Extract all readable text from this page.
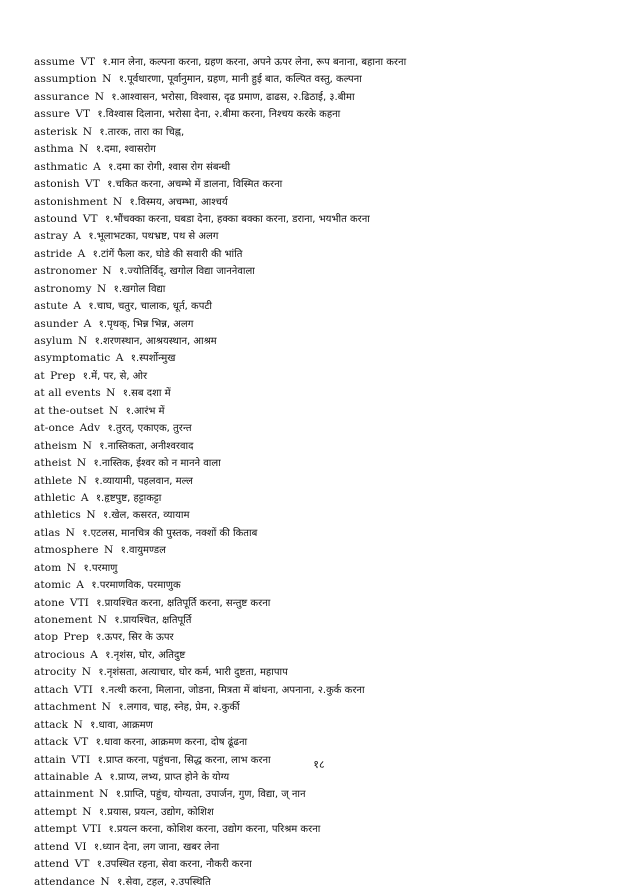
assume VT १.मान लेना, कल्पना करना, ग्रहण करना, अपने ऊपर लेना, रूप बनाना, बहाना करना
assumption N १.पूर्वधारणा, पूर्वानुमान, ग्रहण, मानी हुई बात, कल्पित वस्तु, कल्पना
assurance N १.आश्वासन, भरोसा, विश्वास, दृढ प्रमाण, ढाढस, २.ढिठाई, ३.बीमा
assure VT १.विश्वास दिलाना, भरोसा देना, २.बीमा करना, निश्चय करके कहना
asterisk N १.तारक, तारा का चिह्न,
asthma N १.दमा, श्वासरोग
asthmatic A १.दमा का रोगी, श्वास रोग संबन्धी
astonish VT १.चकित करना, अचम्भे में डालना, विस्मित करना
astonishment N १.विस्मय, अचम्भा, आश्चर्य
astound VT १.भौंचक्का करना, घबडा देना, हक्का बक्का करना, डराना, भयभीत करना
astray A १.भूलाभटका, पथभ्रष्ट, पथ से अलग
astride A १.टांगें फैला कर, घोडे की सवारी की भांति
astronomer N १.ज्योतिर्विद्, खगोल विद्या जाननेवाला
astronomy N १.खगोल विद्या
astute A १.चाघ, चतुर, चालाक, धूर्त, कपटी
asunder A १.पृथक्, भिन्न भिन्न, अलग
asylum N १.शरणस्थान, आश्रयस्थान, आश्रम
asymptomatic A १.स्पर्शोन्मुख
at Prep १.में, पर, से, ओर
at all events N १.सब दशा में
at the-outset N १.आरंभ में
at-once Adv १.तुरत्, एकाएक, तुरन्त
atheism N १.नास्तिकता, अनीश्वरवाद
atheist N १.नास्तिक, ईश्वर को न मानने वाला
athlete N १.व्यायामी, पहलवान, मल्ल
athletic A १.हृष्टपुष्ट, हट्टाकट्टा
athletics N १.खेल, कसरत, व्यायाम
atlas N १.एटलस, मानचित्र की पुस्तक, नक्शों की किताब
atmosphere N १.वायुमण्डल
atom N १.परमाणु
atomic A १.परमाणविक, परमाणुक
atone VTI १.प्रायश्चित करना, क्षतिपूर्ति करना, सन्तुष्ट करना
atonement N १.प्रायश्चित, क्षतिपूर्ति
atop Prep १.ऊपर, सिर के ऊपर
atrocious A १.नृशंस, घोर, अतिदुष्ट
atrocity N १.नृशंसता, अत्याचार, घोर कर्म, भारी दुष्टता, महापाप
attach VTI १.नत्थी करना, मिलाना, जोडना, मित्रता में बांधना, अपनाना, २.कुर्क करना
attachment N १.लगाव, चाह, स्नेह, प्रेम, २.कुर्की
attack N १.धावा, आक्रमण
attack VT १.धावा करना, आक्रमण करना, दोष ढूंढना
attain VTI १.प्राप्त करना, पहुंचना, सिद्ध करना, लाभ करना
attainable A १.प्राप्य, लभ्य, प्राप्त होने के योग्य
attainment N १.प्राप्ति, पहुंच, योग्यता, उपार्जन, गुण, विद्या, ज् नान
attempt N १.प्रयास, प्रयत्न, उद्योग, कोशिश
attempt VTI १.प्रयत्न करना, कोशिश करना, उद्योग करना, परिश्रम करना
attend VI १.ध्यान देना, लग जाना, खबर लेना
attend VT १.उपस्थित रहना, सेवा करना, नौकरी करना
attendance N १.सेवा, टहल, २.उपस्थिति
१८
